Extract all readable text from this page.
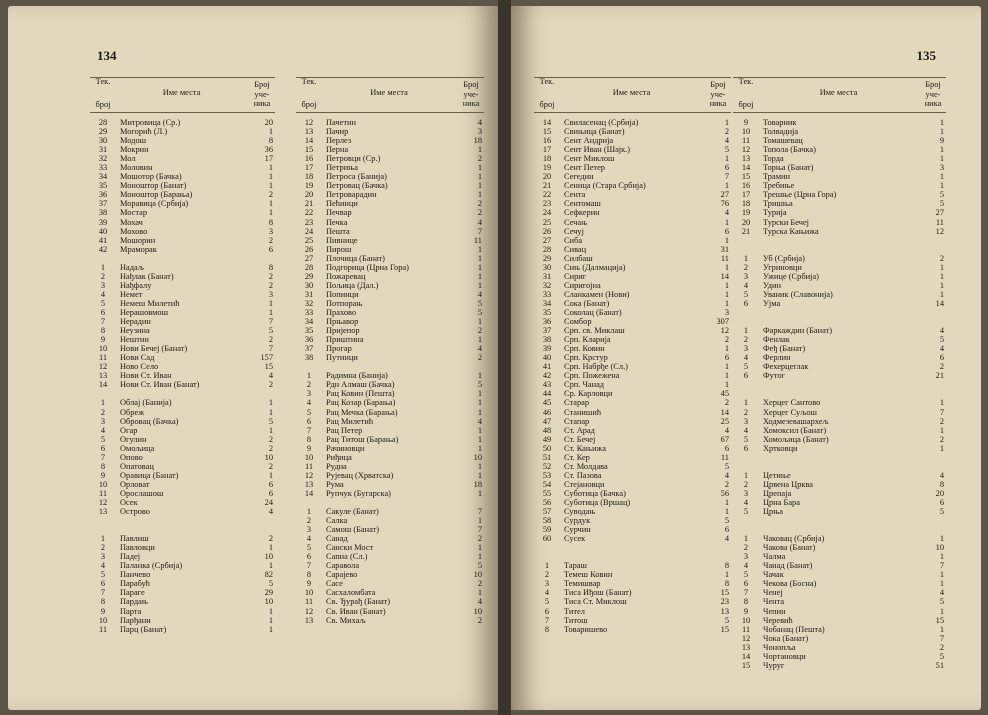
134
Тек.
број
Име места
Број
уче-
ника
28	Митровица (Ср.)	20
29	Могорић (Л.)	1
30	Модош	8
31	Мокрин	36
32	Мол	17
33	Моловин	1
34	Мошотор (Бачка)	1
35	Моноштор (Банат)	1
36	Моноштор (Барања)	2
37	Моравица (Србија)	1
38	Мостар	1
39	Мохач	8
40	Мохово	3
41	Мошорин	2
42	Мраморак	6
1	Надаљ	8
2	Нађлак (Банат)	2
3	Нађфалу	2
4	Немет	3
5	Немеш Милетић	1
6	Нерашовмош	1
7	Нерадин	7
8	Неузина	5
9	Нештин	2
10	Нови Бечеј (Банат)	7
11	Нови Сад	157
12	Ново Село	15
13	Нови Ст. Иван	4
14	Нови Ст. Иван (Банат)	2
1	Облај (Банија)	1
2	Обреж	1
3	Обровац (Бачка)	5
4	Огар	1
5	Огулин	2
6	Омољица	2
7	Опово	10
8	Опатовац	2
9	Оравица (Банат)	1
10	Орловат	6
11	Орослашош	6
12	Осек	24
13	Острово	4
1	Павлиш	2
2	Павловци	1
3	Падеј	10
4	Паланка (Србија)	1
5	Панчево	82
6	Парабућ	5
7	Параге	29
8	Пардањ	10
9	Парта	1
10	Парђани	1
11	Парц (Банат)	1
Тек.
број
Име места
Број
уче-
ника
12	Пачетин	4
13	Пачир	3
14	Перлез	18
15	Перна	1
16	Петровци (Ср.)	2
17	Петриња	1
18	Петроса (Банија)	1
19	Петровац (Бачка)	1
20	Петроварадин	1
21	Пећинци	2
22	Печвар	2
23	Печка	4
24	Пешта	7
25	Пивнице	11
26	Пирош	1
27	Плочица (Банат)	1
28	Подгорица (Црна Гора)	1
29	Пожаревац	1
30	Пољица (Дал.)	1
31	Попинци	4
32	Потпорањ	5
33	Прахово	5
34	Прњавор	1
35	Пријепор	2
36	Приштина	1
37	Прогар	4
38	Путинци	2
1	Радимна (Банија)	1
2	Рдн Алмаш (Бачка)	5
3	Рац Ковин (Пешта)	1
4	Рац Козар (Барања)	1
5	Рац Мечка (Барања)	1
6	Рац Милетић	4
7	Рац Петер	1
8	Рац Титош (Барања)	1
9	Рачиновци	1
10	Риђица	10
11	Рудна	1
12	Рујевац (Хрватска)	1
13	Рума	18
14	Рупчук (Бугарска)	1
1	Сакуле (Банат)	7
2	Салка	1
3	Самош (Банат)	7
4	Санад	2
5	Сански Мост	1
6	Сапна (Сл.)	1
7	Саравола	5
8	Сарајево	10
9	Сасе	2
10	Сасхаломбата	1
11	Св. Ђурађ (Банат)	4
12	Св. Иван (Банат)	10
13	Св. Михаљ	2
135
Тек.
број
Име места
Број
уче-
ника
14	Свиласенац (Србија)	1
15	Свињица (Банат)	2
16	Сент Андрија	4
17	Сент Иван (Шајк.)	5
18	Сент Миклош	1
19	Сент Петер	6
20	Сегедин	7
21	Сеница (Стара Србија)	1
22	Сента	27
23	Сентомаш	76
24	Сефкерин	4
25	Сечањ	1
26	Сечуј	6
27	Сиба	1
28	Сивац	31
29	Силбаш	11
30	Сињ (Далмација)	1
31	Сириг	14
32	Сиригојна	1
33	Сланкамен (Нови)	1
34	Сока (Банат)	1
35	Соколац (Банат)	3
36	Сомбор	307
37	Срп. св. Миклаш	12
38	Срп. Кларија	2
39	Срп. Ковин	1
40	Срп. Крстур	6
41	Срп. Набрђе (Сл.)	1
42	Срп. Пожежена	1
43	Срп. Чанад	1
44	Ср. Карловци	45
45	Старар	2
46	Станишић	14
47	Стапар	25
48	Ст. Арад	4
49	Ст. Бечеј	67
50	Ст. Кањижа	6
51	Ст. Кер	11
52	Ст. Молдава	5
53	Ст. Пазова	4
54	Стејановци	2
55	Суботица (Бачка)	56
56	Суботица (Вршац)	1
57	Суводањ	1
58	Сурдук	5
59	Сурчин	6
60	Сусек	4
1	Тараш	8
2	Темеш Ковин	1
3	Темишвар	8
4	Тиса Иђош (Банат)	15
5	Тиса Ст. Миклош	23
6	Тител	13
7	Титош	5
8	Товаришево	15
Тек.
број
Име места
Број
уче-
ника
9	Товарник	1
10	Толвадија	1
11	Томашевац	9
12	Топола (Бачка)	1
13	Торда	1
14	Торња (Банат)	3
15	Трамин	1
16	Требиње	1
17	Трешње (Црна Гора)	5
18	Тришња	5
19	Турија	27
20	Турски Бечеј	11
21	Турска Кањижа	12
1	Уб (Србија)	2
2	Угриновци	1
3	Ужице (Србија)	1
4	Удин	1
5	Уваник (Славонија)	1
6	Ујма	14
1	Фаркаждин (Банат)	4
2	Фенлак	5
3	Феђ (Банат)	4
4	Ферлин	6
5	Фехерцеглак	2
6	Футог	21
1	Херцег Сантово	1
2	Херцег Суљош	7
3	Ходмезевашархељ	2
4	Хомоксил (Банат)	1
5	Хомољица (Банат)	2
6	Хртковци	1
1	Цетиње	4
2	Црвена Црква	8
3	Црепаја	20
4	Црна Бара	6
5	Црња	5
1	Чаковац (Србија)	1
2	Чакова (Банат)	10
3	Чалма	1
4	Чанад (Банат)	7
5	Чачак	1
6	Чекова (Босна)	1
7	Ченеј	4
8	Чента	5
9	Чепин	1
10	Черевић	15
11	Чобанац (Пешта)	1
12	Чока (Банат)	7
13	Чонопља	2
14	Чортановци	5
15	Чуруг	51
